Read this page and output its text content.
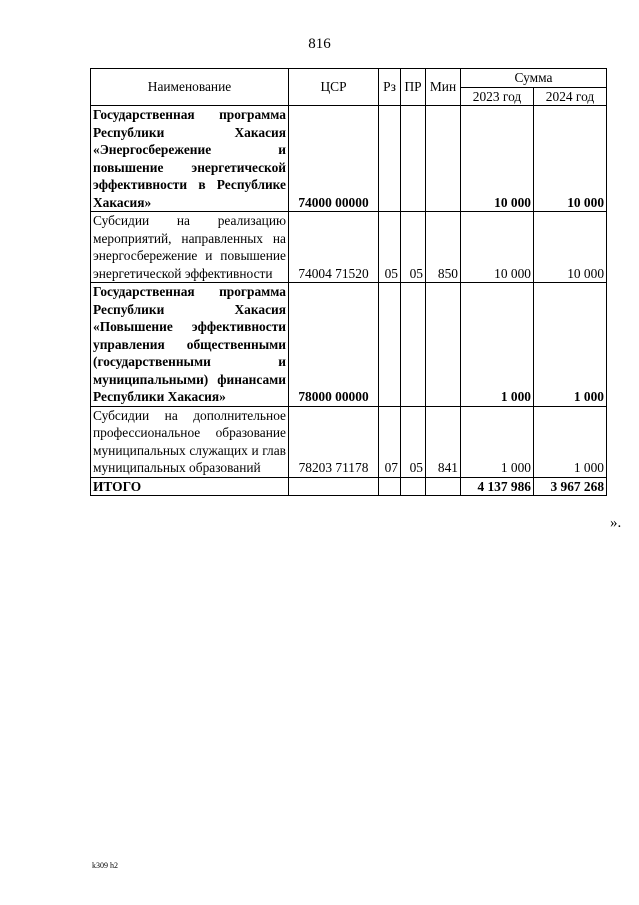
816
Наименование	ЦСР	Рз	ПР	Мин	Сумма	
					2023 год	2024 год
Государственная программа Республики Хакасия «Энергосбережение и повышение энергетической эффективности в Республике Хакасия»	74000 00000				10 000	10 000
Субсидии на реализацию мероприятий, направленных на энергосбережение и повышение энергетической эффективности	74004 71520	05	05	850	10 000	10 000
Государственная программа Республики Хакасия «Повышение эффективности управления общественными (государственными и муниципальными) финансами Республики Хакасия»	78000 00000				1 000	1 000
Субсидии на дополнительное профессиональное образование муниципальных служащих и глав муниципальных образований	78203 71178	07	05	841	1 000	1 000
ИТОГО					4 137 986	3 967 268
».
k309 h2
